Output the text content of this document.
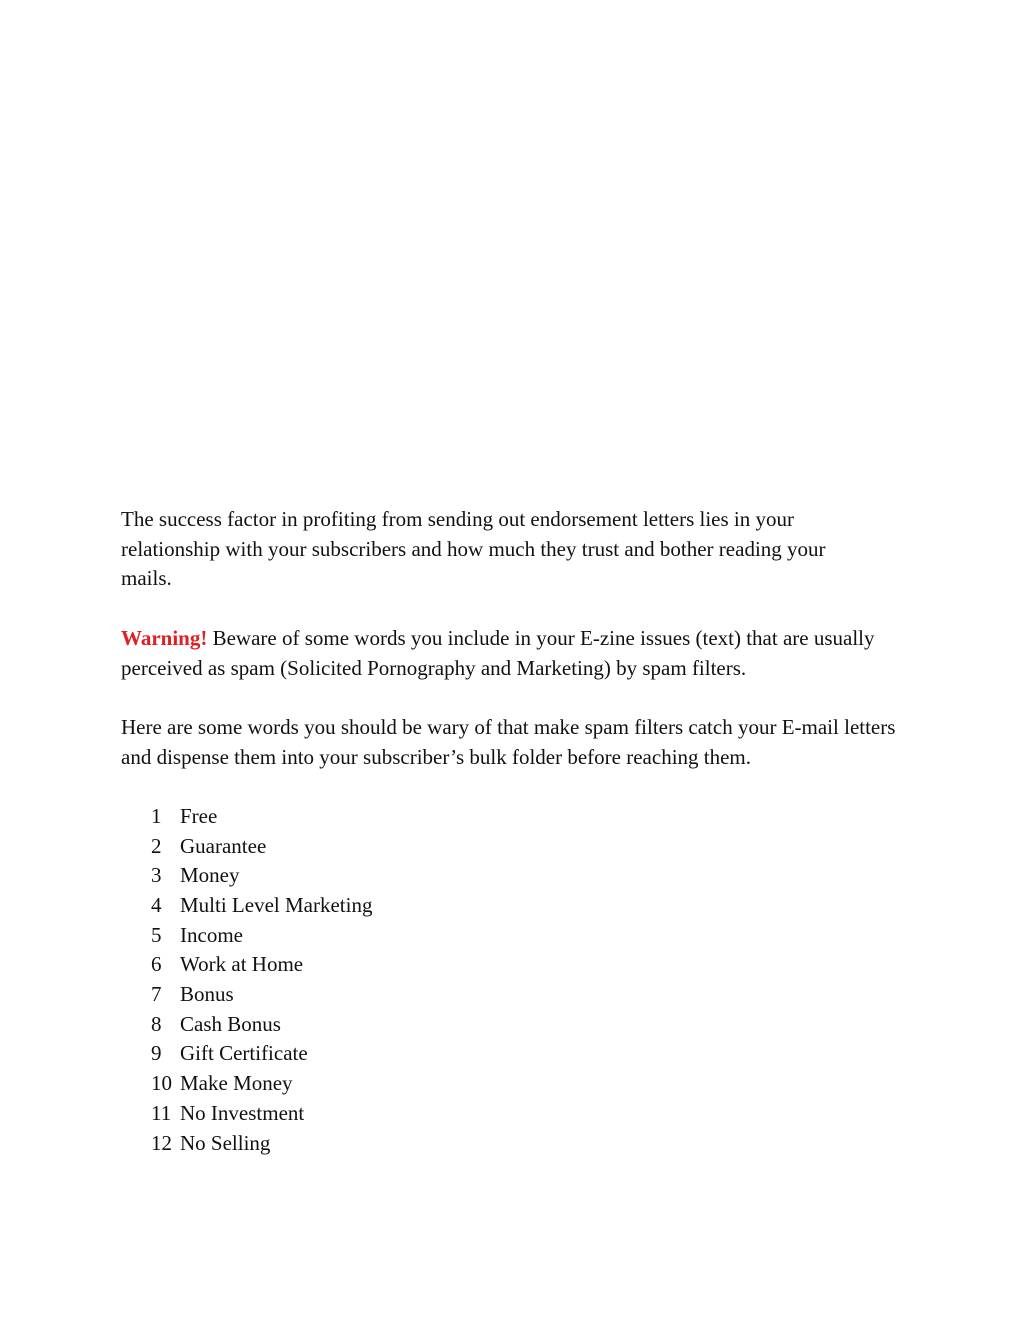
The success factor in profiting from sending out endorsement letters lies in your relationship with your subscribers and how much they trust and bother reading your mails.

Warning! Beware of some words you include in your E-zine issues (text) that are usually perceived as spam (Solicited Pornography and Marketing) by spam filters.

Here are some words you should be wary of that make spam filters catch your E-mail letters and dispense them into your subscriber’s bulk folder before reaching them.

1 Free
2 Guarantee
3 Money
4 Multi Level Marketing
5 Income
6 Work at Home
7 Bonus
8 Cash Bonus
9 Gift Certificate
10 Make Money
11 No Investment
12 No Selling
